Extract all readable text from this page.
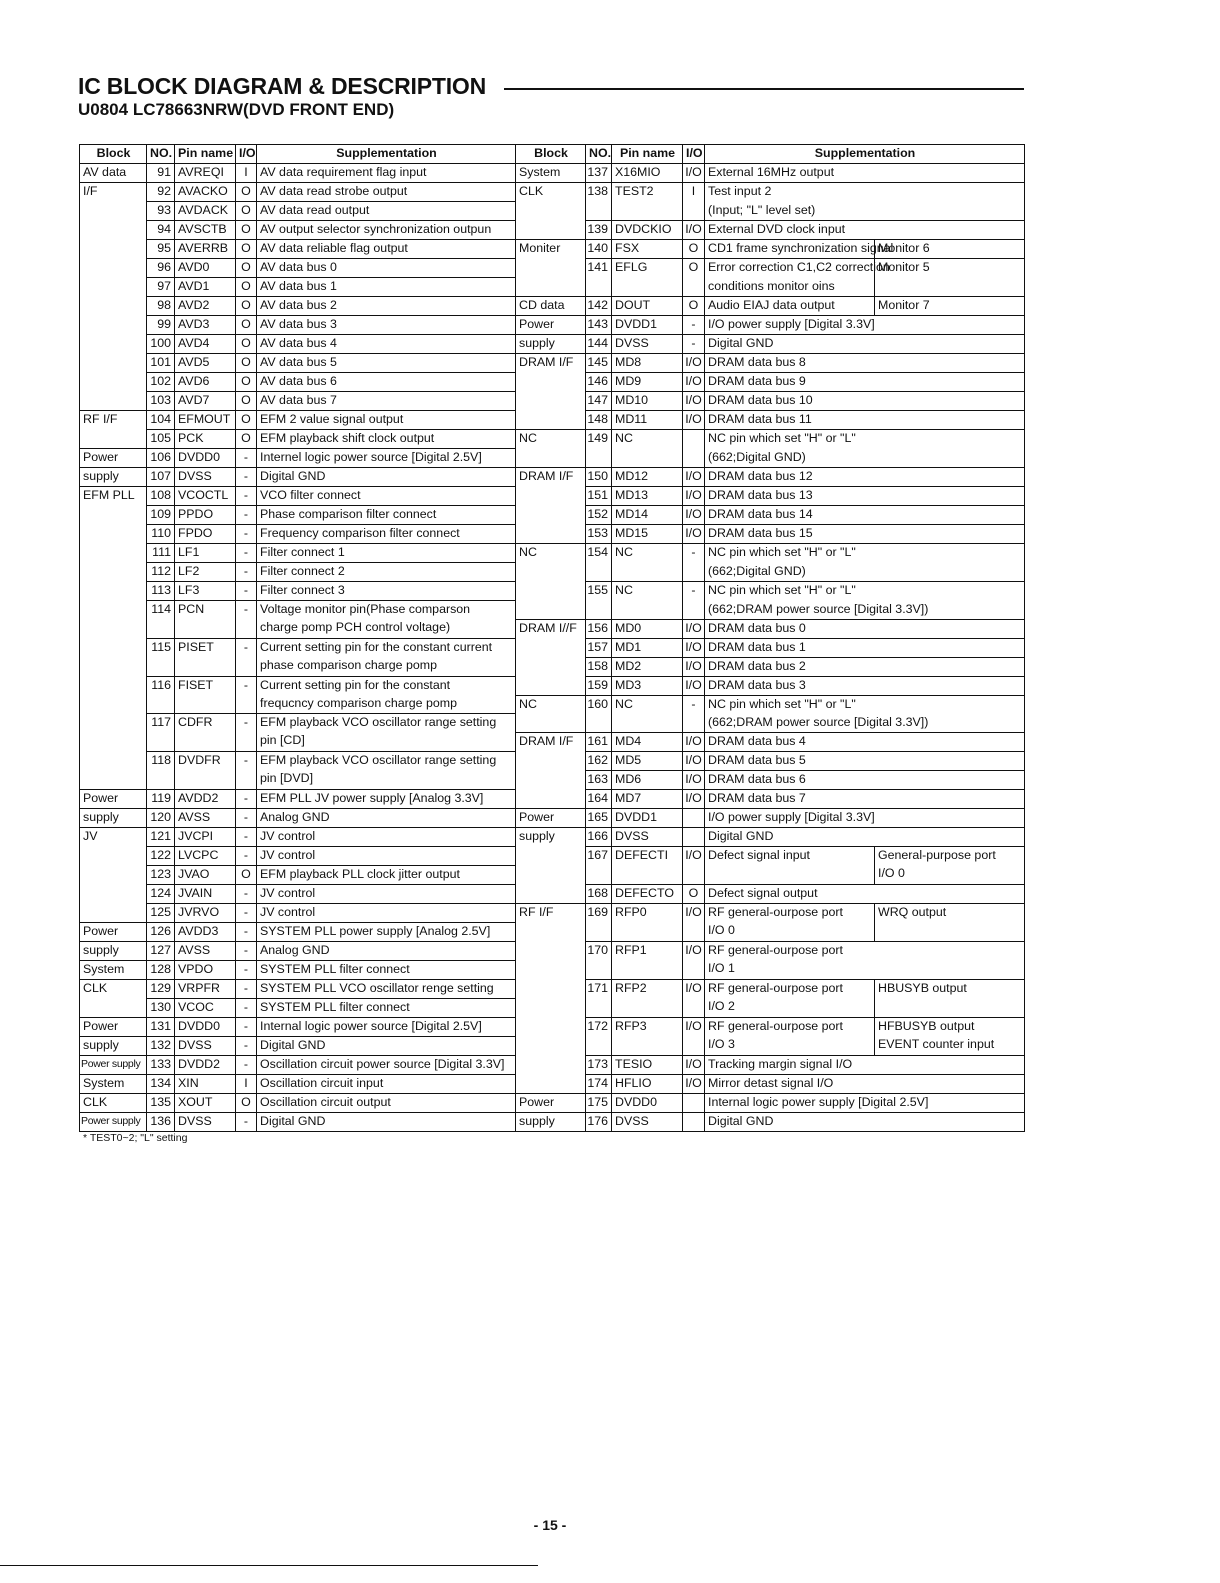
IC BLOCK DIAGRAM & DESCRIPTION
U0804 LC78663NRW(DVD FRONT END)
Block	NO.	Pin name	I/O	Supplementation	Block	NO.	Pin name	I/O	Supplementation	
AV data	91	AVREQI	I	AV data requirement flag input	System	137	X16MIO	I/O	External 16MHz output	
I/F	92	AVACKO	O	AV data read strobe output	CLK	138	TEST2	I	Test input 2	
	93	AVDACK	O	AV data read output					(Input; "L" level set)	
	94	AVSCTB	O	AV output selector synchronization outpun		139	DVDCKIO	I/O	External DVD clock input	
	95	AVERRB	O	AV data reliable flag output	Moniter	140	FSX	O	CD1 frame synchronization signal	Monitor 6
	96	AVD0	O	AV data bus 0		141	EFLG	O	Error correction C1,C2 correction	Monitor 5
	97	AVD1	O	AV data bus 1					conditions monitor oins	
	98	AVD2	O	AV data bus 2	CD data	142	DOUT	O	Audio EIAJ data output	Monitor 7
	99	AVD3	O	AV data bus 3	Power	143	DVDD1	-	I/O power supply [Digital 3.3V]	
	100	AVD4	O	AV data bus 4	supply	144	DVSS	-	Digital GND	
	101	AVD5	O	AV data bus 5	DRAM I/F	145	MD8	I/O	DRAM data bus 8	
	102	AVD6	O	AV data bus 6		146	MD9	I/O	DRAM data bus 9	
	103	AVD7	O	AV data bus 7		147	MD10	I/O	DRAM data bus 10	
RF I/F	104	EFMOUT	O	EFM 2 value signal output		148	MD11	I/O	DRAM data bus 11	
	105	PCK	O	EFM playback shift clock output	NC	149	NC		NC pin which set "H" or "L"	
Power	106	DVDD0	-	Internel logic power source [Digital 2.5V]					(662;Digital GND)	
supply	107	DVSS	-	Digital GND	DRAM I/F	150	MD12	I/O	DRAM data bus 12	
EFM PLL	108	VCOCTL	-	VCO filter connect		151	MD13	I/O	DRAM data bus 13	
	109	PPDO	-	Phase comparison filter connect		152	MD14	I/O	DRAM data bus 14	
	110	FPDO	-	Frequency comparison filter connect		153	MD15	I/O	DRAM data bus 15	
	111	LF1	-	Filter connect 1	NC	154	NC	-	NC pin which set "H" or "L"	
	112	LF2	-	Filter connect 2					(662;Digital GND)	
	113	LF3	-	Filter connect 3		155	NC	-	NC pin which set "H" or "L"	
	114	PCN	-	Voltage monitor pin(Phase comparson					(662;DRAM power source [Digital 3.3V])	
				charge pomp PCH control voltage)	DRAM I//F	156	MD0	I/O	DRAM data bus 0	
	115	PISET	-	Current setting pin for the constant current		157	MD1	I/O	DRAM data bus 1	
				phase comparison charge pomp		158	MD2	I/O	DRAM data bus 2	
	116	FISET	-	Current setting pin for the constant		159	MD3	I/O	DRAM data bus 3	
				frequcncy comparison charge pomp	NC	160	NC	-	NC pin which set "H" or "L"	
	117	CDFR	-	EFM playback VCO oscillator range setting					(662;DRAM power source [Digital 3.3V])	
				pin [CD]	DRAM I/F	161	MD4	I/O	DRAM data bus 4	
	118	DVDFR	-	EFM playback VCO oscillator range setting		162	MD5	I/O	DRAM data bus 5	
				pin [DVD]		163	MD6	I/O	DRAM data bus 6	
Power	119	AVDD2	-	EFM PLL JV power supply [Analog 3.3V]		164	MD7	I/O	DRAM data bus 7	
supply	120	AVSS	-	Analog GND	Power	165	DVDD1		I/O power supply [Digital 3.3V]	
JV	121	JVCPI	-	JV control	supply	166	DVSS		Digital GND	
	122	LVCPC	-	JV control		167	DEFECTI	I/O	Defect signal input	General-purpose port
	123	JVAO	O	EFM playback PLL clock jitter output						I/O 0
	124	JVAIN	-	JV control		168	DEFECTO	O	Defect signal output	
	125	JVRVO	-	JV control	RF I/F	169	RFP0	I/O	RF general-ourpose port	WRQ output
Power	126	AVDD3	-	SYSTEM PLL power supply [Analog 2.5V]					I/O 0	
supply	127	AVSS	-	Analog GND		170	RFP1	I/O	RF general-ourpose port	
System	128	VPDO	-	SYSTEM PLL filter connect					I/O 1	
CLK	129	VRPFR	-	SYSTEM PLL VCO oscillator renge setting		171	RFP2	I/O	RF general-ourpose port	HBUSYB output
	130	VCOC	-	SYSTEM PLL filter connect					I/O 2	
Power	131	DVDD0	-	Internal logic power source [Digital 2.5V]		172	RFP3	I/O	RF general-ourpose port	HFBUSYB output
supply	132	DVSS	-	Digital GND					I/O 3	EVENT counter input
Power supply	133	DVDD2	-	Oscillation circuit power source [Digital 3.3V]		173	TESIO	I/O	Tracking margin signal I/O	
System	134	XIN	I	Oscillation circuit input		174	HFLIO	I/O	Mirror detast signal I/O	
CLK	135	XOUT	O	Oscillation circuit output	Power	175	DVDD0		Internal logic power supply [Digital 2.5V]	
Power supply	136	DVSS	-	Digital GND	supply	176	DVSS		Digital GND	
* TEST0~2; "L" setting
- 15 -
